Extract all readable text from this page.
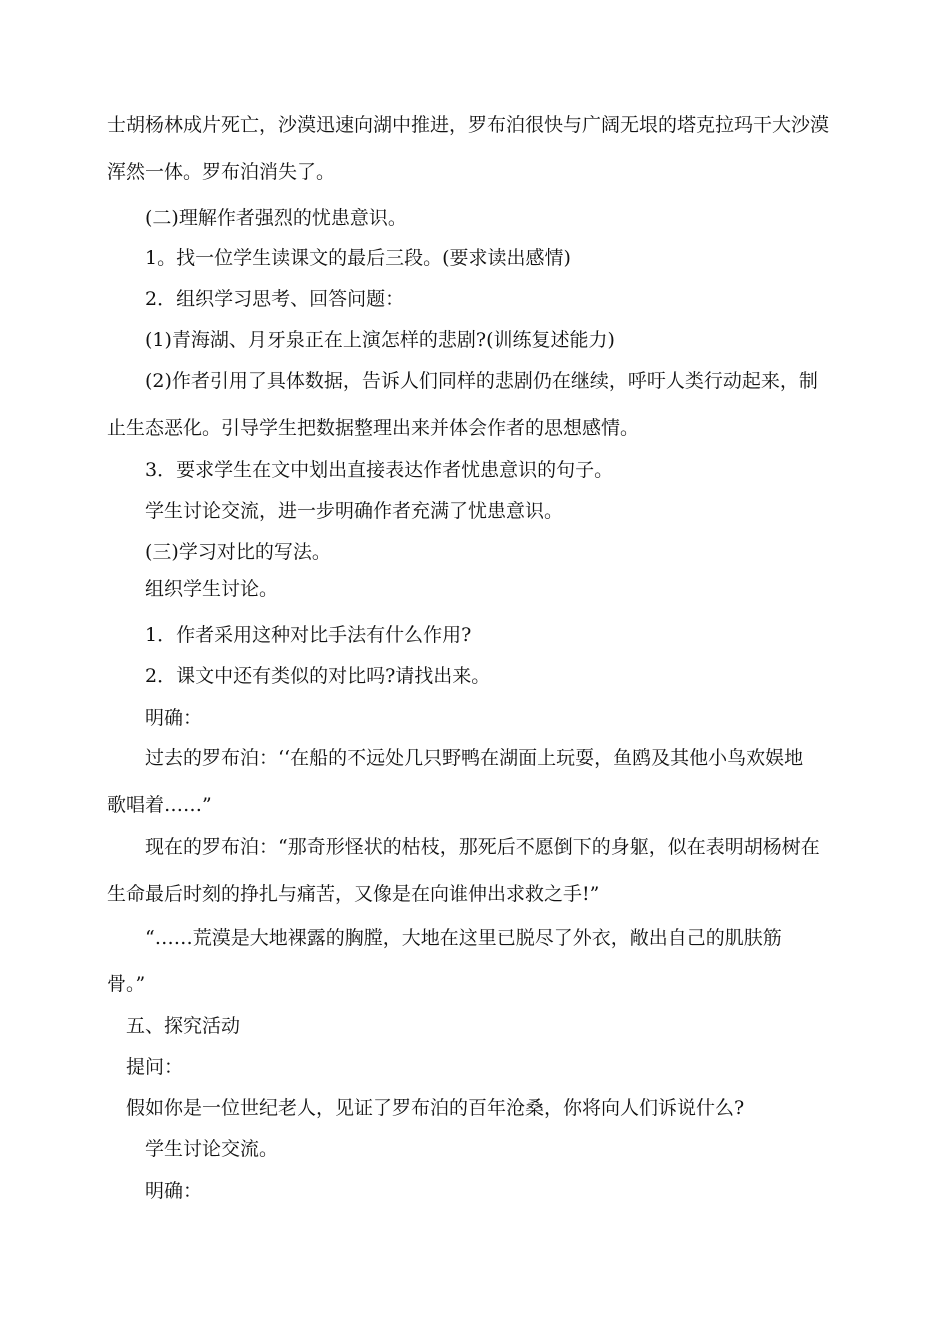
士胡杨林成片死亡，沙漠迅速向湖中推进，罗布泊很快与广阔无垠的塔克拉玛干大沙漠
浑然一体。罗布泊消失了。
(二)理解作者强烈的忧患意识。
1。找一位学生读课文的最后三段。(要求读出感情)
2．组织学习思考、回答问题：
(1)青海湖、月牙泉正在上演怎样的悲剧?(训练复述能力)
(2)作者引用了具体数据，告诉人们同样的悲剧仍在继续，呼吁人类行动起来，制
止生态恶化。引导学生把数据整理出来并体会作者的思想感情。
3．要求学生在文中划出直接表达作者忧患意识的句子。
学生讨论交流，进一步明确作者充满了忧患意识。
(三)学习对比的写法。
组织学生讨论。
1．作者采用这种对比手法有什么作用?
2．课文中还有类似的对比吗?请找出来。
明确：
过去的罗布泊：‘‘在船的不远处几只野鸭在湖面上玩耍，鱼鸥及其他小鸟欢娱地
歌唱着……”
现在的罗布泊：“那奇形怪状的枯枝，那死后不愿倒下的身躯，似在表明胡杨树在
生命最后时刻的挣扎与痛苦，又像是在向谁伸出求救之手!”
“……荒漠是大地裸露的胸膛，大地在这里已脱尽了外衣，敞出自己的肌肤筋
骨。”
五、探究活动
提问：
假如你是一位世纪老人，见证了罗布泊的百年沧桑，你将向人们诉说什么?
学生讨论交流。
明确：
